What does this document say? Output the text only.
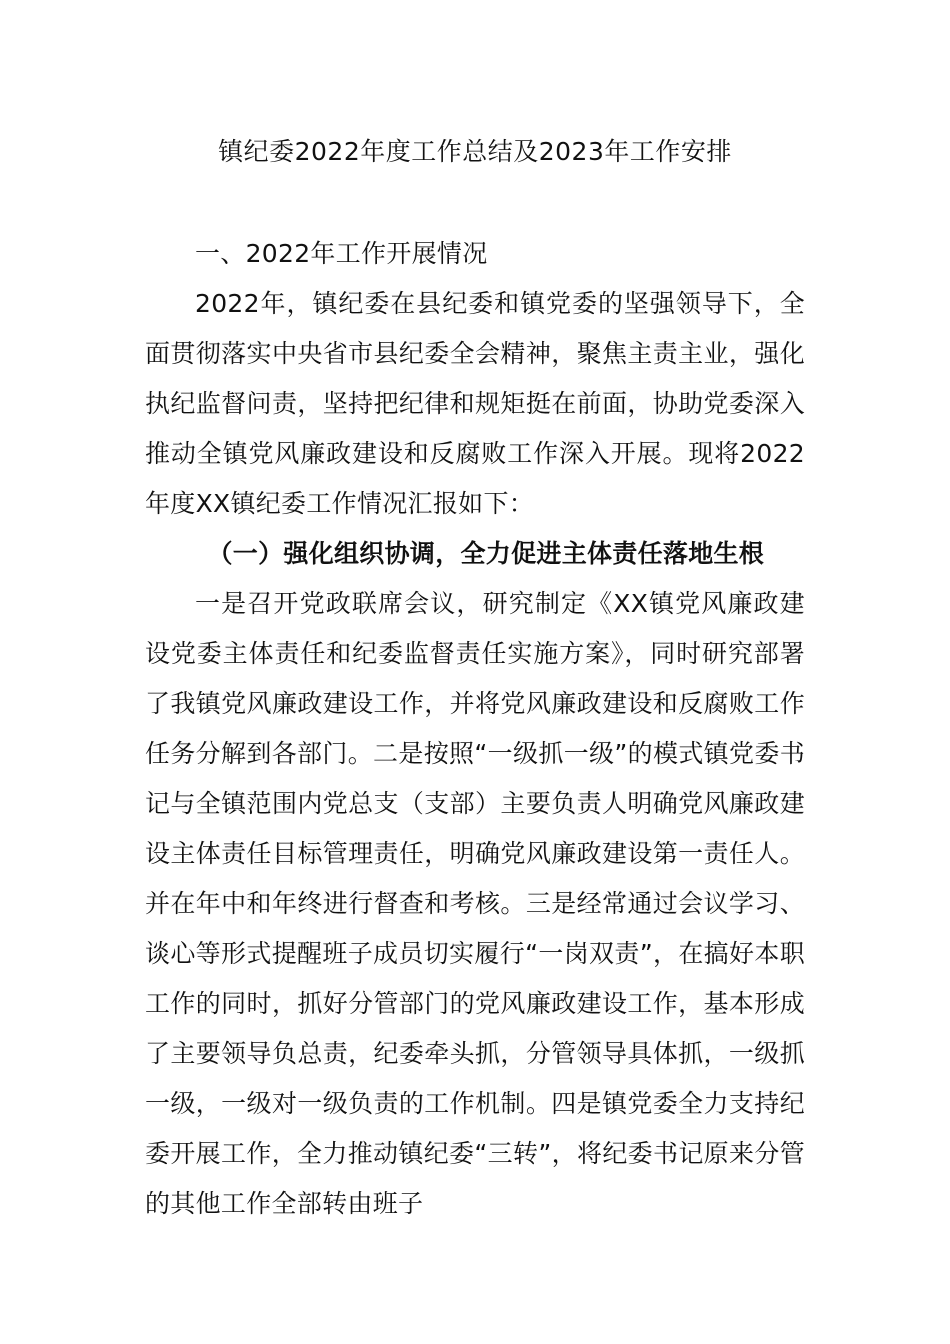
镇纪委2022年度工作总结及2023年工作安排

一、2022年工作开展情况

2022年，镇纪委在县纪委和镇党委的坚强领导下，全面贯彻落实中央省市县纪委全会精神，聚焦主责主业，强化执纪监督问责，坚持把纪律和规矩挺在前面，协助党委深入推动全镇党风廉政建设和反腐败工作深入开展。现将2022年度XX镇纪委工作情况汇报如下：

（一）强化组织协调，全力促进主体责任落地生根

一是召开党政联席会议，研究制定《XX镇党风廉政建设党委主体责任和纪委监督责任实施方案》，同时研究部署了我镇党风廉政建设工作，并将党风廉政建设和反腐败工作任务分解到各部门。二是按照“一级抓一级”的模式镇党委书记与全镇范围内党总支（支部）主要负责人明确党风廉政建设主体责任目标管理责任，明确党风廉政建设第一责任人。并在年中和年终进行督查和考核。三是经常通过会议学习、谈心等形式提醒班子成员切实履行“一岗双责”，在搞好本职工作的同时，抓好分管部门的党风廉政建设工作，基本形成了主要领导负总责，纪委牵头抓，分管领导具体抓，一级抓一级，一级对一级负责的工作机制。四是镇党委全力支持纪委开展工作，全力推动镇纪委“三转”，将纪委书记原来分管的其他工作全部转由班子
